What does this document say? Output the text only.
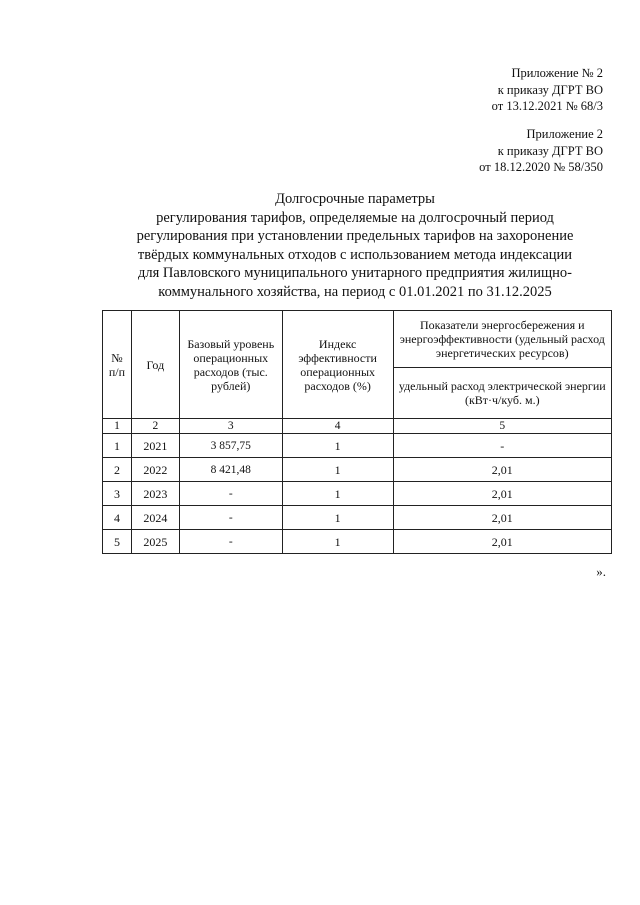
Приложение № 2
к приказу ДГРТ ВО
от 13.12.2021 № 68/3
Приложение 2
к приказу ДГРТ ВО
от 18.12.2020 № 58/350
Долгосрочные параметры
регулирования тарифов, определяемые на долгосрочный период
регулирования при установлении предельных тарифов на захоронение
твёрдых коммунальных отходов с использованием метода индексации
для Павловского муниципального унитарного предприятия жилищно-
коммунального хозяйства, на период с 01.01.2021 по 31.12.2025
№ п/п	Год	Базовый уровень операционных расходов (тыс. рублей)	Индекс эффективности операционных расходов (%)	Показатели энергосбережения и энергоэффективности (удельный расход энергетических ресурсов)
				удельный расход электрической энергии (кВт·ч/куб. м.)
1	2	3	4	5
1	2021	3 857,75	1	-
2	2022	8 421,48	1	2,01
3	2023	-	1	2,01
4	2024	-	1	2,01
5	2025	-	1	2,01
».
